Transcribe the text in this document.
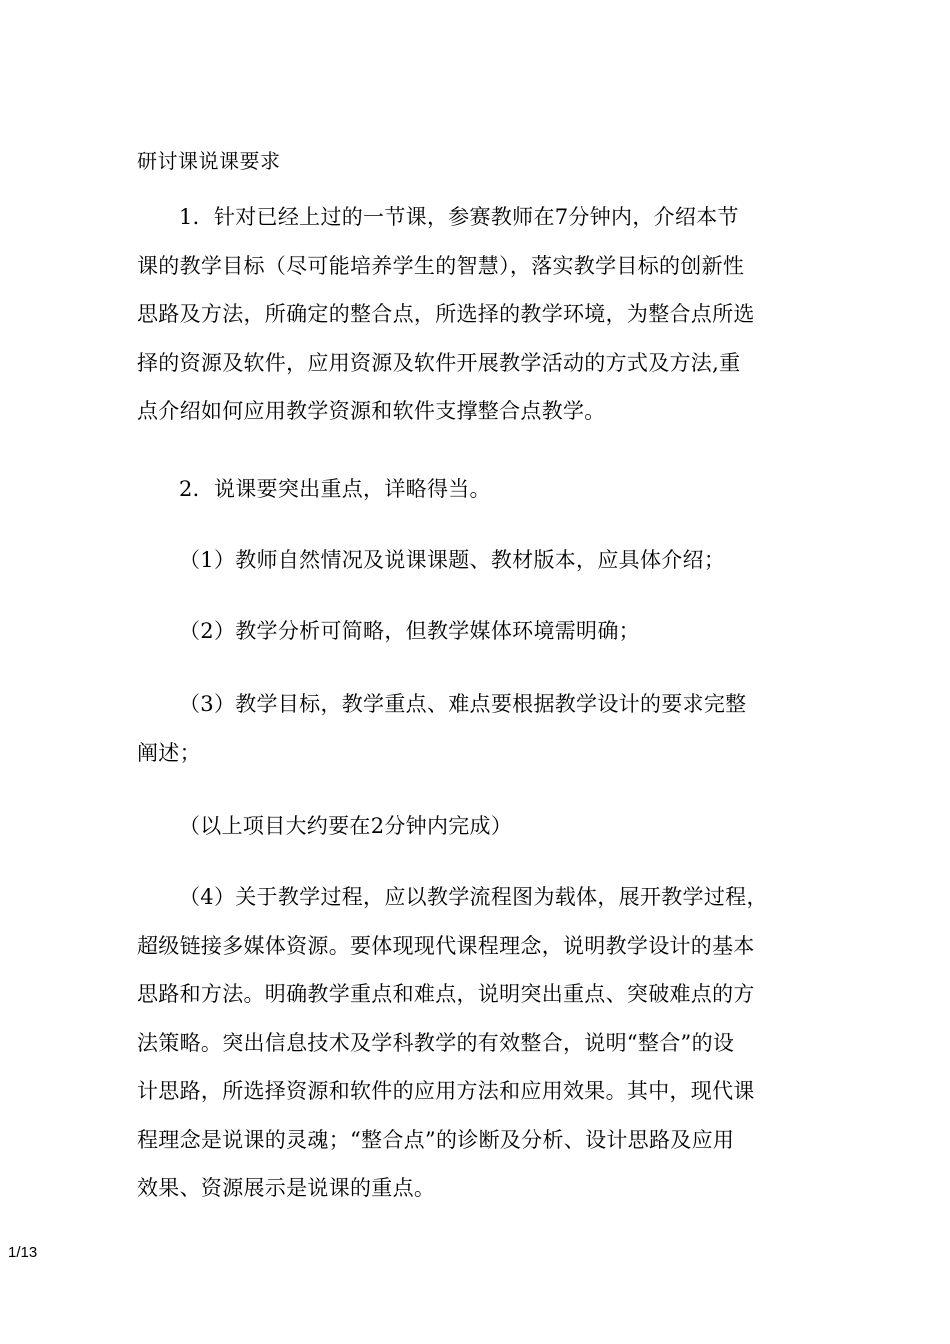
研讨课说课要求
1．针对已经上过的一节课，参赛教师在7分钟内，介绍本节
课的教学目标（尽可能培养学生的智慧），落实教学目标的创新性
思路及方法，所确定的整合点，所选择的教学环境，为整合点所选
择的资源及软件，应用资源及软件开展教学活动的方式及方法,重
点介绍如何应用教学资源和软件支撑整合点教学。
2．说课要突出重点，详略得当。
（1）教师自然情况及说课课题、教材版本，应具体介绍；
（2）教学分析可简略，但教学媒体环境需明确；
（3）教学目标，教学重点、难点要根据教学设计的要求完整
阐述；
（以上项目大约要在2分钟内完成）
（4）关于教学过程，应以教学流程图为载体，展开教学过程，
超级链接多媒体资源。要体现现代课程理念，说明教学设计的基本
思路和方法。明确教学重点和难点，说明突出重点、突破难点的方
法策略。突出信息技术及学科教学的有效整合，说明“整合”的设
计思路，所选择资源和软件的应用方法和应用效果。其中，现代课
程理念是说课的灵魂；“整合点”的诊断及分析、设计思路及应用
效果、资源展示是说课的重点。
1/13
